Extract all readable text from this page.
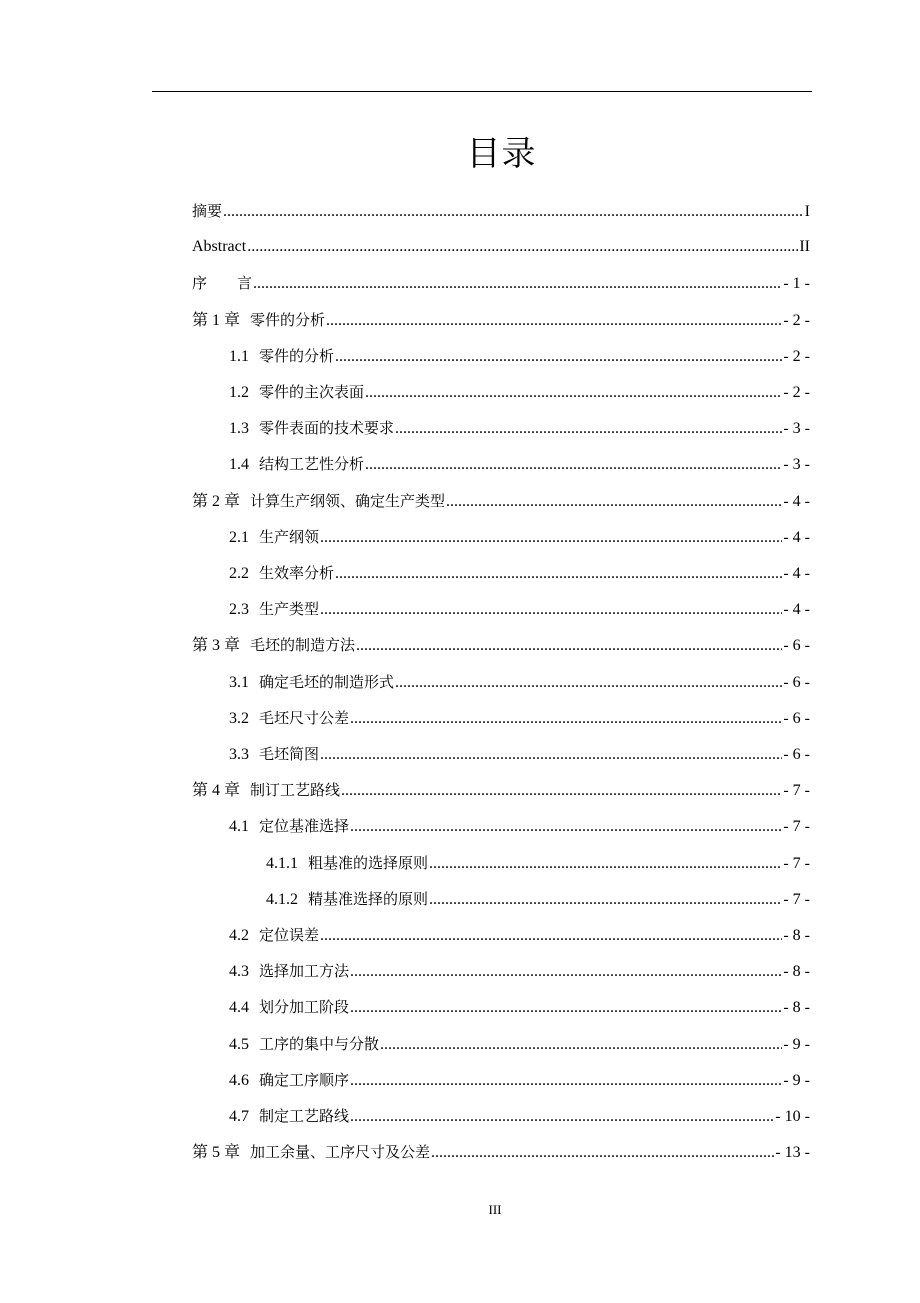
目录
摘要 .....	I
Abstract .....	II
序　　言 .....	- 1 -
第 1 章 零件的分析 .....	- 2 -
1.1 零件的分析 .....	- 2 -
1.2 零件的主次表面 .....	- 2 -
1.3 零件表面的技术要求 .....	- 3 -
1.4 结构工艺性分析 .....	- 3 -
第 2 章 计算生产纲领、确定生产类型 .....	- 4 -
2.1 生产纲领 .....	- 4 -
2.2 生效率分析 .....	- 4 -
2.3 生产类型 .....	- 4 -
第 3 章 毛坯的制造方法 .....	- 6 -
3.1 确定毛坯的制造形式 .....	- 6 -
3.2 毛坯尺寸公差 .....	- 6 -
3.3 毛坯简图 .....	- 6 -
第 4 章 制订工艺路线 .....	- 7 -
4.1 定位基准选择 .....	- 7 -
4.1.1 粗基准的选择原则 .....	- 7 -
4.1.2 精基准选择的原则 .....	- 7 -
4.2 定位误差 .....	- 8 -
4.3 选择加工方法 .....	- 8 -
4.4 划分加工阶段 .....	- 8 -
4.5 工序的集中与分散 .....	- 9 -
4.6 确定工序顺序 .....	- 9 -
4.7 制定工艺路线 .....	- 10 -
第 5 章 加工余量、工序尺寸及公差 .....	- 13 -
III
